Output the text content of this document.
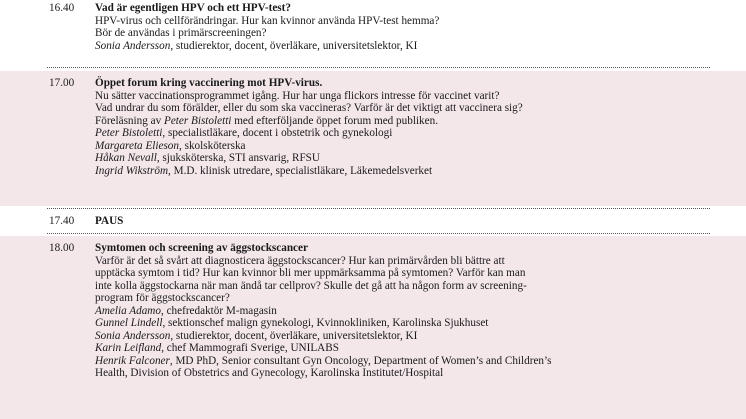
16.40 Vad är egentligen HPV och ett HPV-test?
HPV-virus och cellförändringar. Hur kan kvinnor använda HPV-test hemma?
Bör de användas i primärscreeningen?
Sonia Andersson, studierektor, docent, överläkare, universitetslektor, KI
17.00 Öppet forum kring vaccinering mot HPV-virus.
Nu sätter vaccinationsprogrammet igång. Hur har unga flickors intresse för vaccinet varit?
Vad undrar du som förälder, eller du som ska vaccineras? Varför är det viktigt att vaccinera sig?
Föreläsning av Peter Bistoletti med efterföljande öppet forum med publiken.
Peter Bistoletti, specialistläkare, docent i obstetrik och gynekologi
Margareta Elieson, skolsköterska
Håkan Nevall, sjuksköterska, STI ansvarig, RFSU
Ingrid Wikström, M.D. klinisk utredare, specialistläkare, Läkemedelsverket
17.40 PAUS
18.00 Symtomen och screening av äggstockscancer
Varför är det så svårt att diagnosticera äggstockscancer? Hur kan primärvården bli bättre att
upptäcka symtom i tid? Hur kan kvinnor bli mer uppmärksamma på symtomen? Varför kan man
inte kolla äggstockarna när man ändå tar cellprov? Skulle det gå att ha någon form av screening-
program för äggstockscancer?
Amelia Adamo, chefredaktör M-magasin
Gunnel Lindell, sektionschef malign gynekologi, Kvinnokliniken, Karolinska Sjukhuset
Sonia Andersson, studierektor, docent, överläkare, universitetslektor, KI
Karin Leifland, chef Mammografi Sverige, UNILABS
Henrik Falconer, MD PhD, Senior consultant Gyn Oncology, Department of Women’s and Children’s
Health, Division of Obstetrics and Gynecology, Karolinska Institutet/Hospital
